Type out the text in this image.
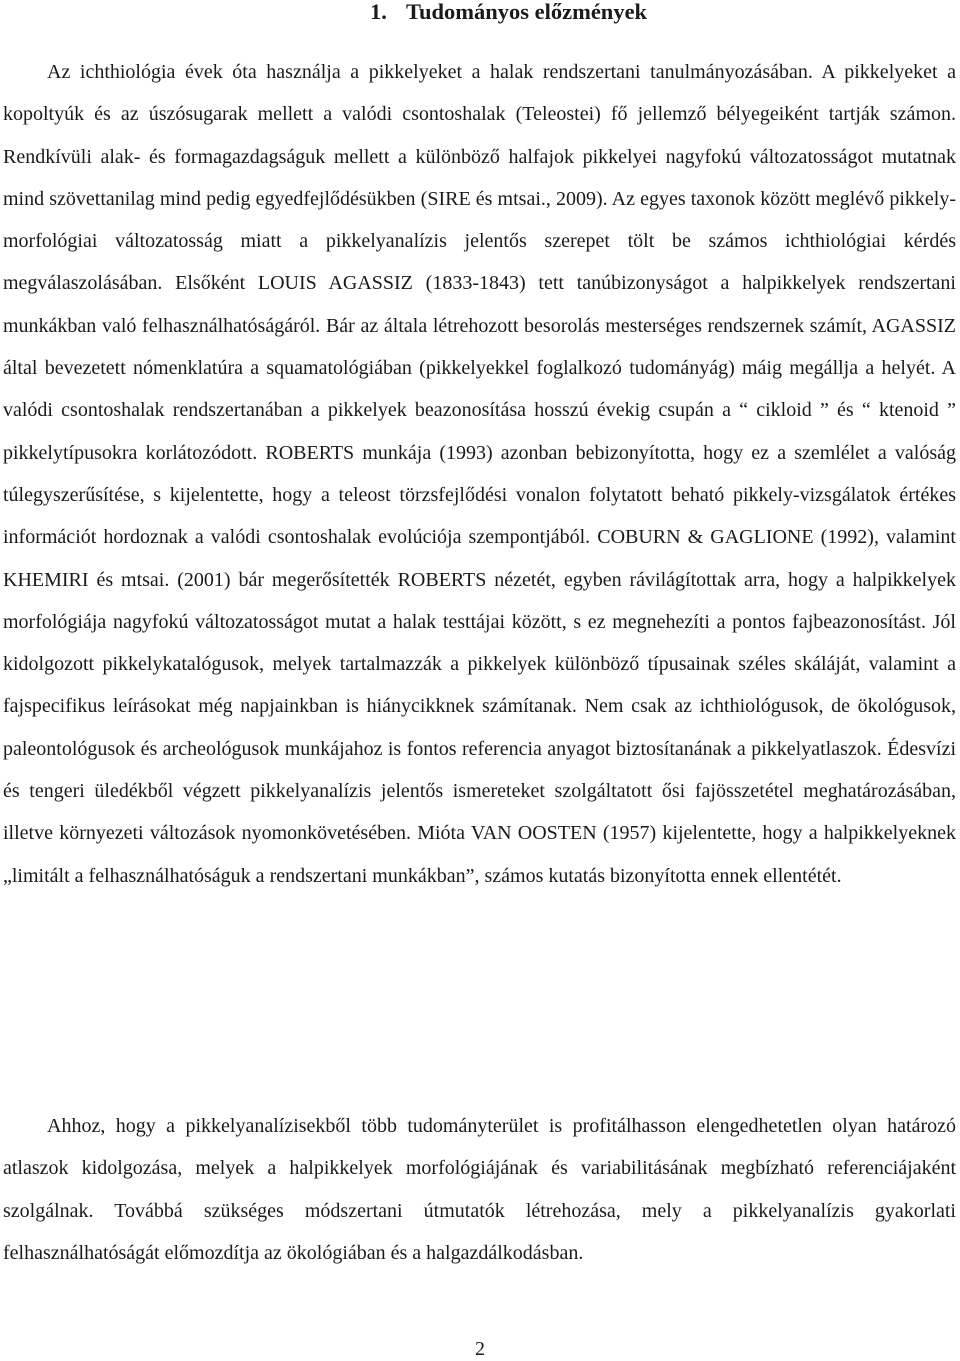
1. Tudományos előzmények

Az ichthiológia évek óta használja a pikkelyeket a halak rendszertani tanulmányozásában. A pikkelyeket a kopoltyúk és az úszósugarak mellett a valódi csontoshalak (Teleostei) fő jellemző bélyegeiként tartják számon. Rendkívüli alak- és formagazdagságuk mellett a különböző halfajok pikkelyei nagyfokú változatosságot mutatnak mind szövettanilag mind pedig egyedfejlődésükben (SIRE és mtsai., 2009). Az egyes taxonok között meglévő pikkely-morfológiai változatosság miatt a pikkelyanalízis jelentős szerepet tölt be számos ichthiológiai kérdés megválaszolásában. Elsőként LOUIS AGASSIZ (1833-1843) tett tanúbizonyságot a halpikkelyek rendszertani munkákban való felhasználhatóságáról. Bár az általa létrehozott besorolás mesterséges rendszernek számít, AGASSIZ által bevezetett nómenklatúra a squamatológiában (pikkelyekkel foglalkozó tudományág) máig megállja a helyét. A valódi csontoshalak rendszertanában a pikkelyek beazonosítása hosszú évekig csupán a “ cikloid ” és “ ktenoid ” pikkelytípusokra korlátozódott. ROBERTS munkája (1993) azonban bebizonyította, hogy ez a szemlélet a valóság túlegyszerűsítése, s kijelentette, hogy a teleost törzsfejlődési vonalon folytatott beható pikkely-vizsgálatok értékes információt hordoznak a valódi csontoshalak evolúciója szempontjából. COBURN & GAGLIONE (1992), valamint KHEMIRI és mtsai. (2001) bár megerősítették ROBERTS nézetét, egyben rávilágítottak arra, hogy a halpikkelyek morfológiája nagyfokú változatosságot mutat a halak testtájai között, s ez megnehezíti a pontos fajbeazonosítást. Jól kidolgozott pikkelykatalógusok, melyek tartalmazzák a pikkelyek különböző típusainak széles skáláját, valamint a fajspecifikus leírásokat még napjainkban is hiánycikknek számítanak. Nem csak az ichthiológusok, de ökológusok, paleontológusok és archeológusok munkájahoz is fontos referencia anyagot biztosítanának a pikkelyatlaszok. Édesvízi és tengeri üledékből végzett pikkelyanalízis jelentős ismereteket szolgáltatott ősi fajösszetétel meghatározásában, illetve környezeti változások nyomonkövetésében. Mióta VAN OOSTEN (1957) kijelentette, hogy a halpikkelyeknek „limitált a felhasználhatóságuk a rendszertani munkákban”, számos kutatás bizonyította ennek ellentétét.

Ahhoz, hogy a pikkelyanalízisekből több tudományterület is profitálhasson elengedhetetlen olyan határozó atlaszok kidolgozása, melyek a halpikkelyek morfológiájának és variabilitásának megbízható referenciájaként szolgálnak. Továbbá szükséges módszertani útmutatók létrehozása, mely a pikkelyanalízis gyakorlati felhasználhatóságát előmozdítja az ökológiában és a halgazdálkodásban.

2
